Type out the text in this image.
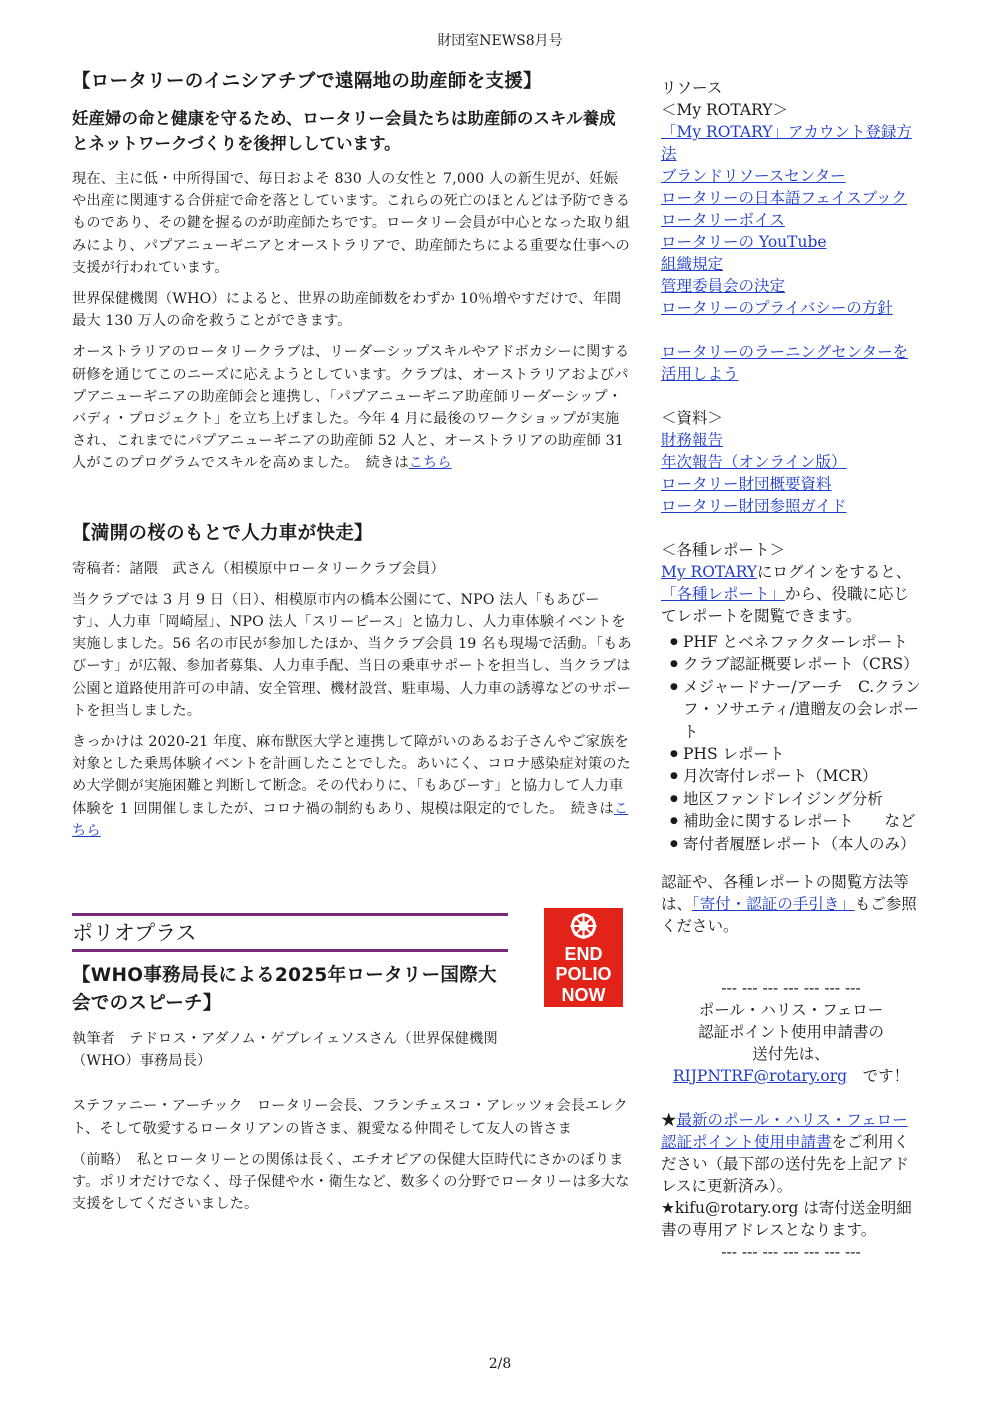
財団室NEWS8月号
【ロータリーのイニシアチブで遠隔地の助産師を支援】
妊産婦の命と健康を守るため、ロータリー会員たちは助産師のスキル養成とネットワークづくりを後押ししています。

現在、主に低・中所得国で、毎日およそ 830 人の女性と 7,000 人の新生児が、妊娠や出産に関連する合併症で命を落としています。これらの死亡のほとんどは予防できるものであり、その鍵を握るのが助産師たちです。ロータリー会員が中心となった取り組みにより、パプアニューギニアとオーストラリアで、助産師たちによる重要な仕事への支援が行われています。

世界保健機関（WHO）によると、世界の助産師数をわずか 10％増やすだけで、年間最大 130 万人の命を救うことができます。

オーストラリアのロータリークラブは、リーダーシップスキルやアドボカシーに関する研修を通じてこのニーズに応えようとしています。クラブは、オーストラリアおよびパプアニューギニアの助産師会と連携し、「パプアニューギニア助産師リーダーシップ・バディ・プロジェクト」を立ち上げました。今年 4 月に最後のワークショップが実施され、これまでにパプアニューギニアの助産師 52 人と、オーストラリアの助産師 31 人がこのプログラムでスキルを高めました。　続きはこちら

【満開の桜のもとで人力車が快走】

寄稿者：諸隈　武さん（相模原中ロータリークラブ会員）

当クラブでは 3 月 9 日（日）、相模原市内の橋本公園にて、NPO 法人「もあびーす」、人力車「岡崎屋」、NPO 法人「スリーピース」と協力し、人力車体験イベントを実施しました。56 名の市民が参加したほか、当クラブ会員 19 名も現場で活動。「もあびーす」が広報、参加者募集、人力車手配、当日の乗車サポートを担当し、当クラブは公園と道路使用許可の申請、安全管理、機材設営、駐車場、人力車の誘導などのサポートを担当しました。

きっかけは 2020-21 年度、麻布獣医大学と連携して障がいのあるお子さんやご家族を対象とした乗馬体験イベントを計画したことでした。あいにく、コロナ感染症対策のため大学側が実施困難と判断して断念。その代わりに、「もあびーす」と協力して人力車体験を 1 回開催しましたが、コロナ禍の制約もあり、規模は限定的でした。　続きはこちら

ポリオプラス
【WHO事務局長による2025年ロータリー国際大会でのスピーチ】

執筆者　テドロス・アダノム・ゲブレイェソスさん（世界保健機関（WHO）事務局長）

ステファニー・アーチック　ロータリー会長、フランチェスコ・アレッツォ会長エレクト、そして敬愛するロータリアンの皆さま、親愛なる仲間そして友人の皆さま

（前略）　私とロータリーとの関係は長く、エチオピアの保健大臣時代にさかのぼります。ポリオだけでなく、母子保健や水・衛生など、数多くの分野でロータリーは多大な支援をしてくださいました。

END
POLIO
NOW
リソース
＜My ROTARY＞
「My ROTARY」アカウント登録方法
ブランドリソースセンター
ロータリーの日本語フェイスブック
ロータリーボイス
ロータリーの YouTube
組織規定
管理委員会の決定
ロータリーのプライバシーの方針
ロータリーのラーニングセンターを活用しよう
＜資料＞
財務報告
年次報告（オンライン版）
ロータリー財団概要資料
ロータリー財団参照ガイド
＜各種レポート＞
My ROTARYにログインをすると、「各種レポート」から、役職に応じてレポートを閲覧できます。
● PHF とベネファクターレポート
● クラブ認証概要レポート（CRS）
● メジャードナー/アーチ　C.クランフ・ソサエティ/遺贈友の会レポート
● PHS レポート
● 月次寄付レポート（MCR）
● 地区ファンドレイジング分析
● 補助金に関するレポート　　など
● 寄付者履歴レポート（本人のみ）
認証や、各種レポートの閲覧方法等は、「寄付・認証の手引き」もご参照ください。
--- --- --- --- --- --- ---
ポール・ハリス・フェロー
認証ポイント使用申請書の
送付先は、
RIJPNTRF@rotary.org　です！
★最新のポール・ハリス・フェロー認証ポイント使用申請書をご利用ください（最下部の送付先を上記アドレスに更新済み）。
★kifu@rotary.org は寄付送金明細書の専用アドレスとなります。
--- --- --- --- --- --- ---
2/8
